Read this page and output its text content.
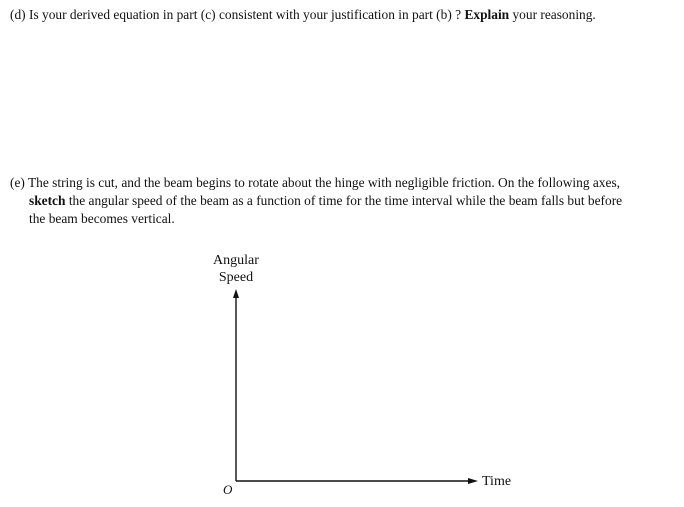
(d) Is your derived equation in part (c) consistent with your justification in part (b) ? Explain your reasoning.
(e) The string is cut, and the beam begins to rotate about the hinge with negligible friction. On the following axes,
sketch the angular speed of the beam as a function of time for the time interval while the beam falls but before
the beam becomes vertical.
Angular
Speed
Time
O
